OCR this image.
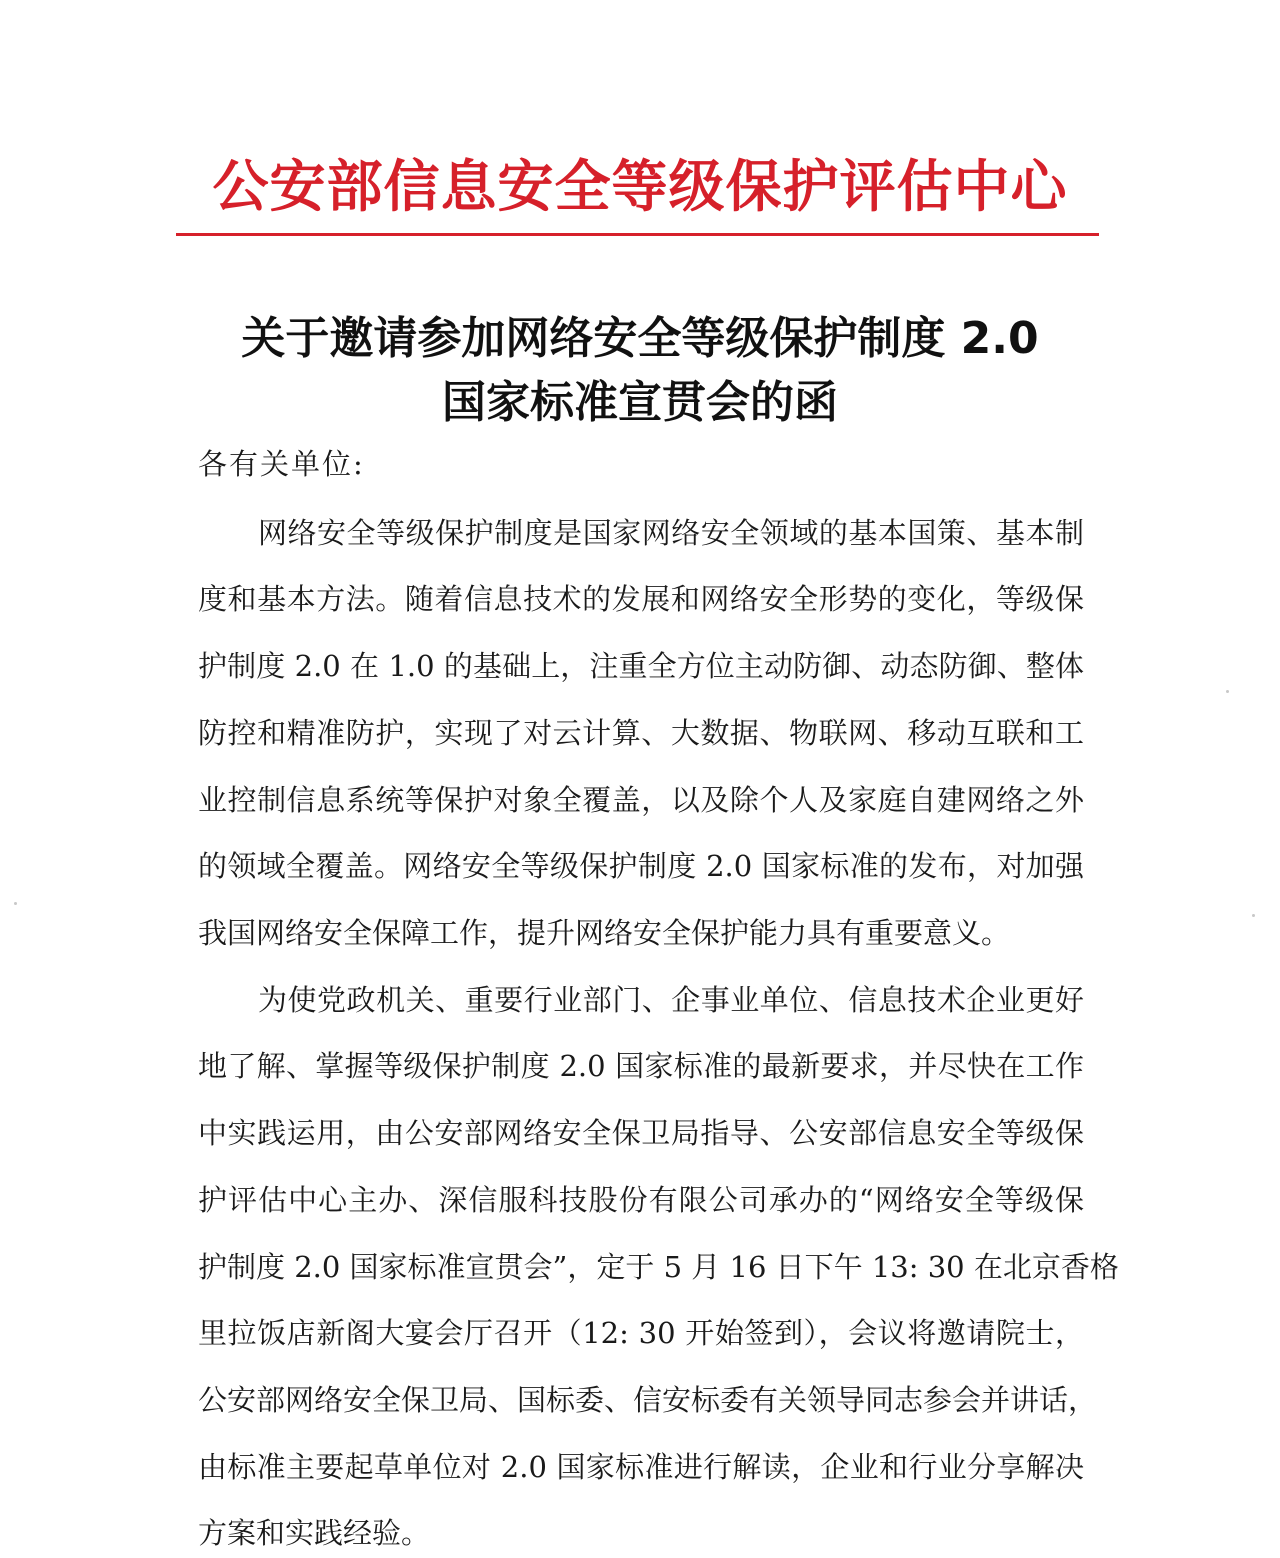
公安部信息安全等级保护评估中心
关于邀请参加网络安全等级保护制度 2.0
国家标准宣贯会的函
各有关单位:
网络安全等级保护制度是国家网络安全领域的基本国策、基本制
度和基本方法。随着信息技术的发展和网络安全形势的变化，等级保
护制度 2.0 在 1.0 的基础上，注重全方位主动防御、动态防御、整体
防控和精准防护，实现了对云计算、大数据、物联网、移动互联和工
业控制信息系统等保护对象全覆盖，以及除个人及家庭自建网络之外
的领域全覆盖。网络安全等级保护制度 2.0 国家标准的发布，对加强
我国网络安全保障工作，提升网络安全保护能力具有重要意义。
为使党政机关、重要行业部门、企事业单位、信息技术企业更好
地了解、掌握等级保护制度 2.0 国家标准的最新要求，并尽快在工作
中实践运用，由公安部网络安全保卫局指导、公安部信息安全等级保
护评估中心主办、深信服科技股份有限公司承办的“网络安全等级保
护制度 2.0 国家标准宣贯会”，定于 5 月 16 日下午 13: 30 在北京香格
里拉饭店新阁大宴会厅召开（12: 30 开始签到），会议将邀请院士，
公安部网络安全保卫局、国标委、信安标委有关领导同志参会并讲话，
由标准主要起草单位对 2.0 国家标准进行解读，企业和行业分享解决
方案和实践经验。
